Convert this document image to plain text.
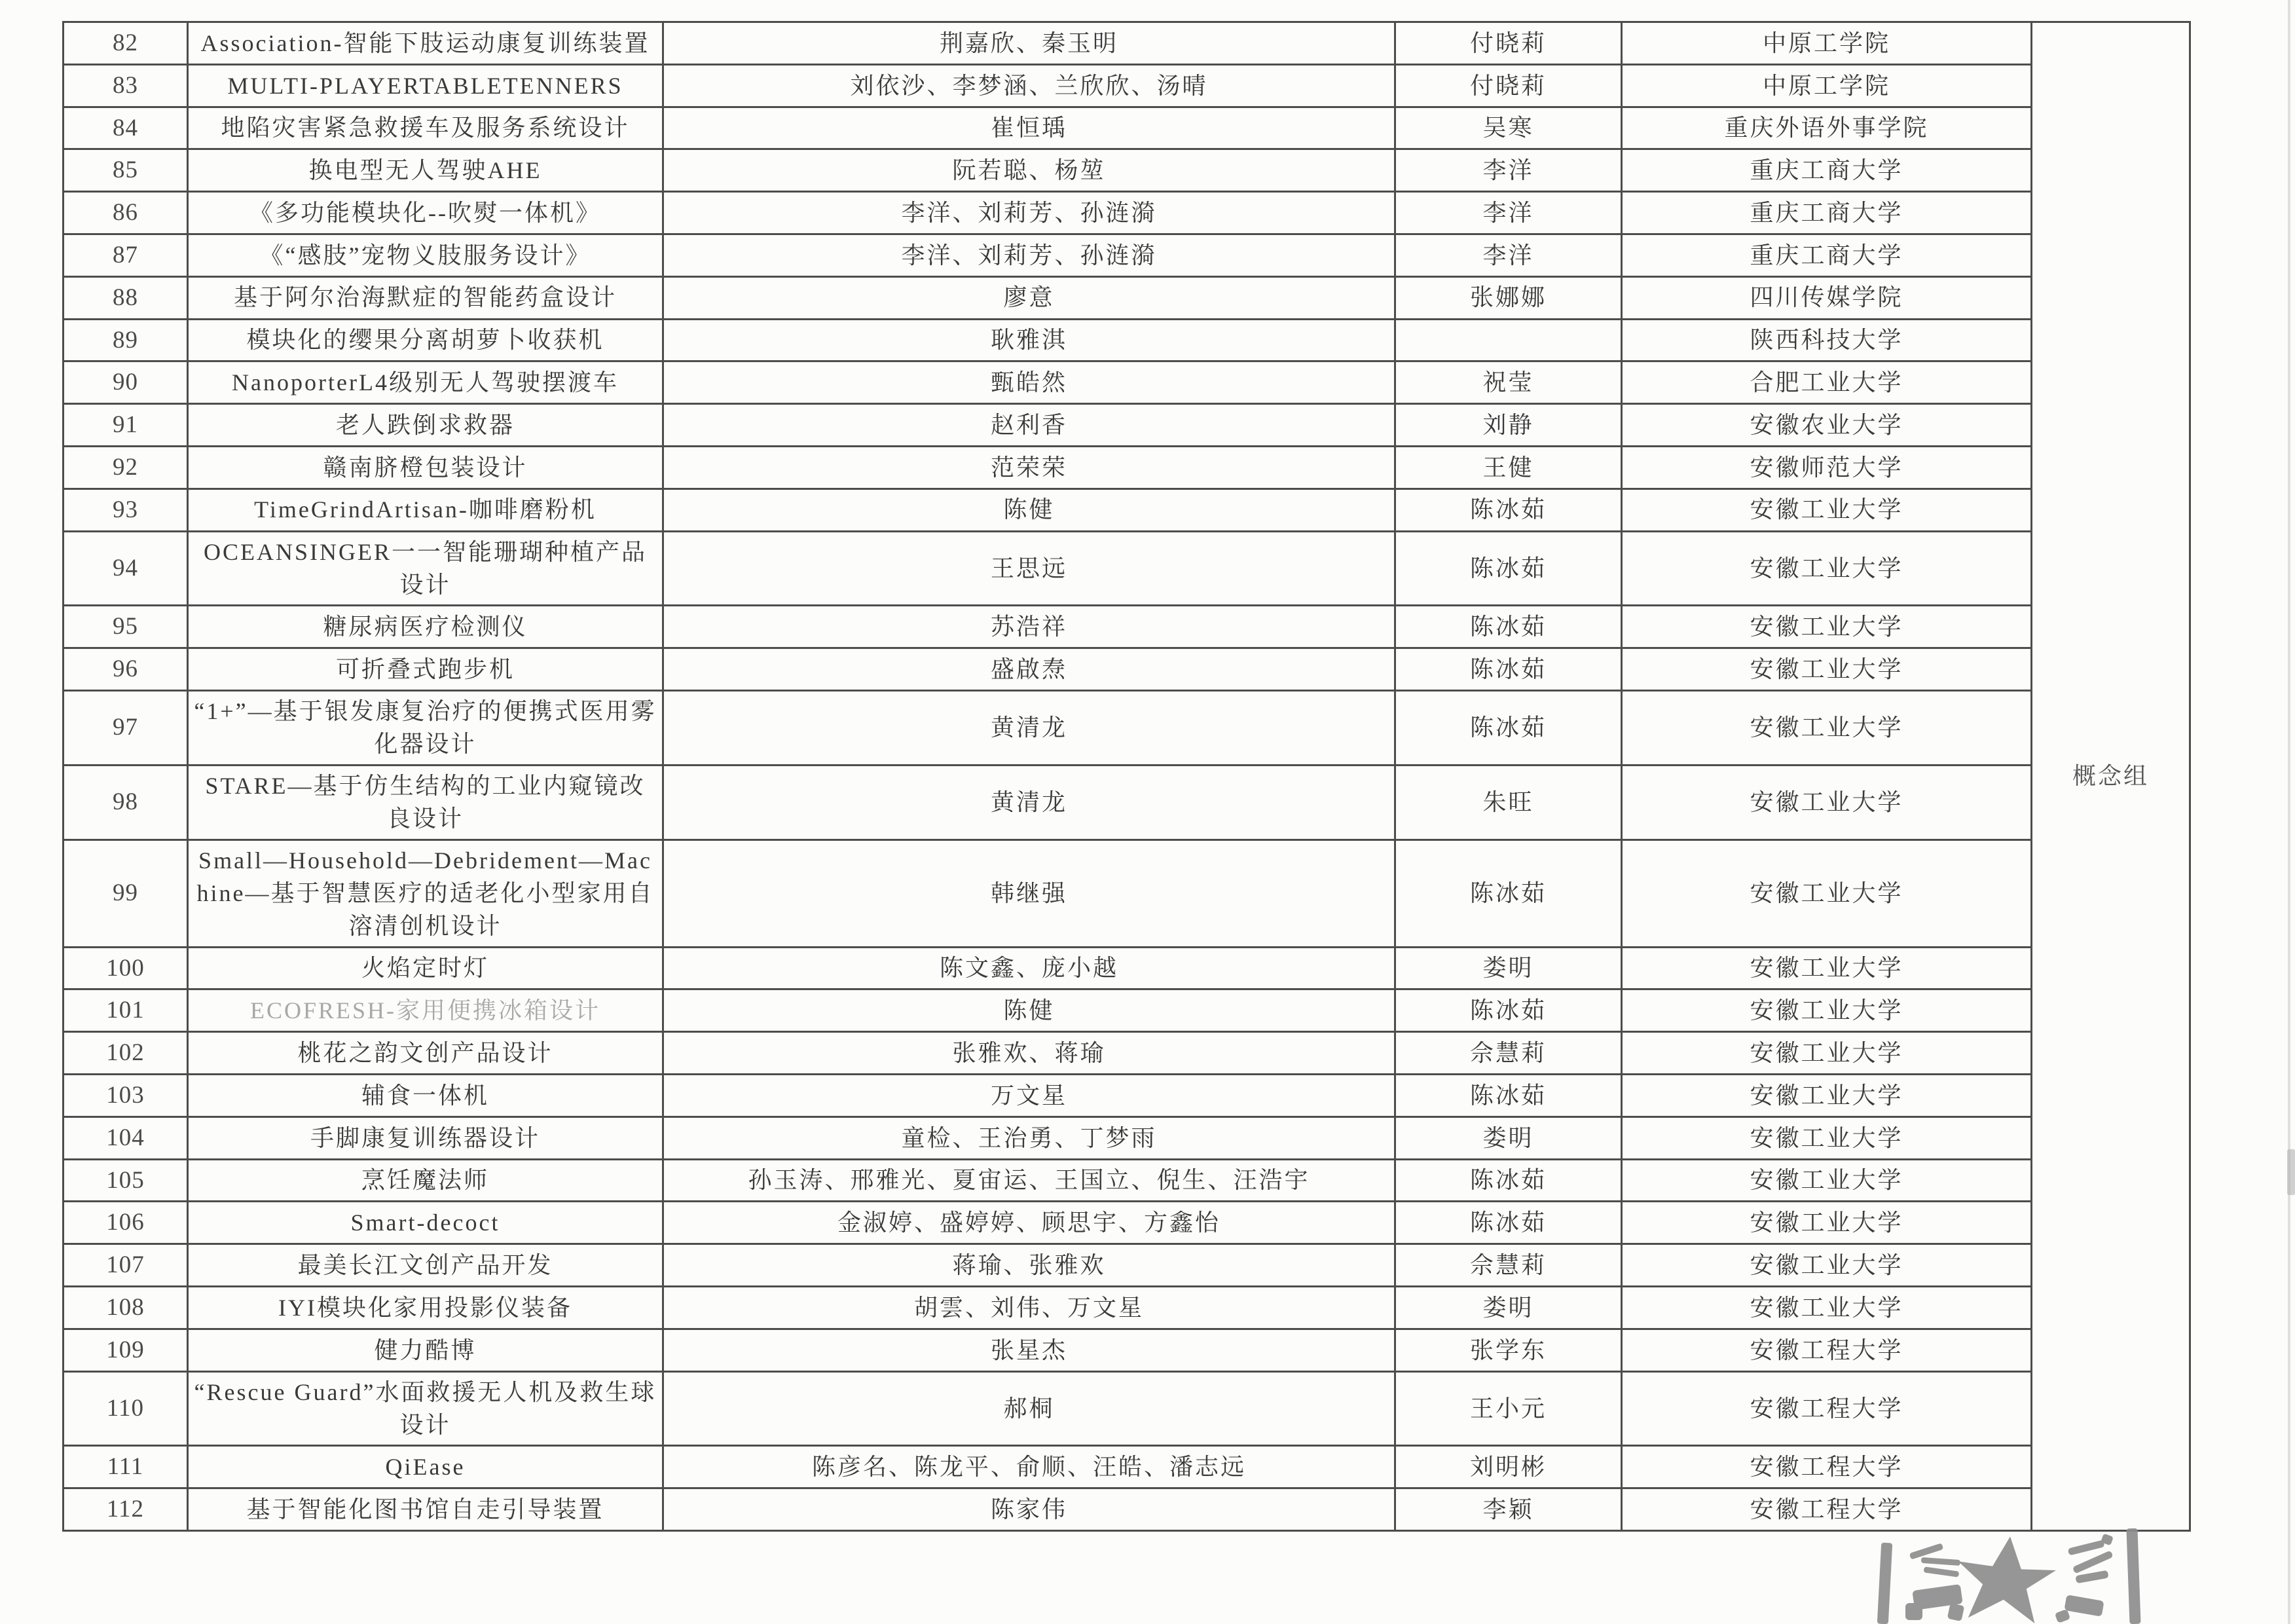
82	Association-智能下肢运动康复训练装置	荆嘉欣、秦玉明	付晓莉	中原工学院	概念组
83	MULTI-PLAYERTABLETENNERS	刘依沙、李梦涵、兰欣欣、汤晴	付晓莉	中原工学院	
84	地陷灾害紧急救援车及服务系统设计	崔恒瑀	吴寒	重庆外语外事学院	
85	换电型无人驾驶AHE	阮若聪、杨堃	李洋	重庆工商大学	
86	《多功能模块化--吹熨一体机》	李洋、刘莉芳、孙涟漪	李洋	重庆工商大学	
87	《“感肢”宠物义肢服务设计》	李洋、刘莉芳、孙涟漪	李洋	重庆工商大学	
88	基于阿尔治海默症的智能药盒设计	廖意	张娜娜	四川传媒学院	
89	模块化的缨果分离胡萝卜收获机	耿雅淇		陕西科技大学	
90	NanoporterL4级别无人驾驶摆渡车	甄皓然	祝莹	合肥工业大学	
91	老人跌倒求救器	赵利香	刘静	安徽农业大学	
92	赣南脐橙包装设计	范荣荣	王健	安徽师范大学	
93	TimeGrindArtisan-咖啡磨粉机	陈健	陈冰茹	安徽工业大学	
94	OCEANSINGER一一智能珊瑚种植产品设计	王思远	陈冰茹	安徽工业大学	
95	糖尿病医疗检测仪	苏浩祥	陈冰茹	安徽工业大学	
96	可折叠式跑步机	盛啟焘	陈冰茹	安徽工业大学	
97	“1+”—基于银发康复治疗的便携式医用雾化器设计	黄清龙	陈冰茹	安徽工业大学	
98	STARE—基于仿生结构的工业内窥镜改良设计	黄清龙	朱旺	安徽工业大学	
99	Small—Household—Debridement—Machine—基于智慧医疗的适老化小型家用自溶清创机设计	韩继强	陈冰茹	安徽工业大学	
100	火焰定时灯	陈文鑫、庞小越	娄明	安徽工业大学	
101	ECOFRESH-家用便携冰箱设计	陈健	陈冰茹	安徽工业大学	
102	桃花之韵文创产品设计	张雅欢、蒋瑜	佘慧莉	安徽工业大学	
103	辅食一体机	万文星	陈冰茹	安徽工业大学	
104	手脚康复训练器设计	童检、王治勇、丁梦雨	娄明	安徽工业大学	
105	烹饪魔法师	孙玉涛、邢雅光、夏宙运、王国立、倪生、汪浩宇	陈冰茹	安徽工业大学	
106	Smart-decoct	金淑婷、盛婷婷、顾思宇、方鑫怡	陈冰茹	安徽工业大学	
107	最美长江文创产品开发	蒋瑜、张雅欢	佘慧莉	安徽工业大学	
108	IYI模块化家用投影仪装备	胡雲、刘伟、万文星	娄明	安徽工业大学	
109	健力酷博	张星杰	张学东	安徽工程大学	
110	“Rescue Guard”水面救援无人机及救生球设计	郝桐	王小元	安徽工程大学	
111	QiEase	陈彦名、陈龙平、俞顺、汪皓、潘志远	刘明彬	安徽工程大学	
112	基于智能化图书馆自走引导装置	陈家伟	李颖	安徽工程大学	
